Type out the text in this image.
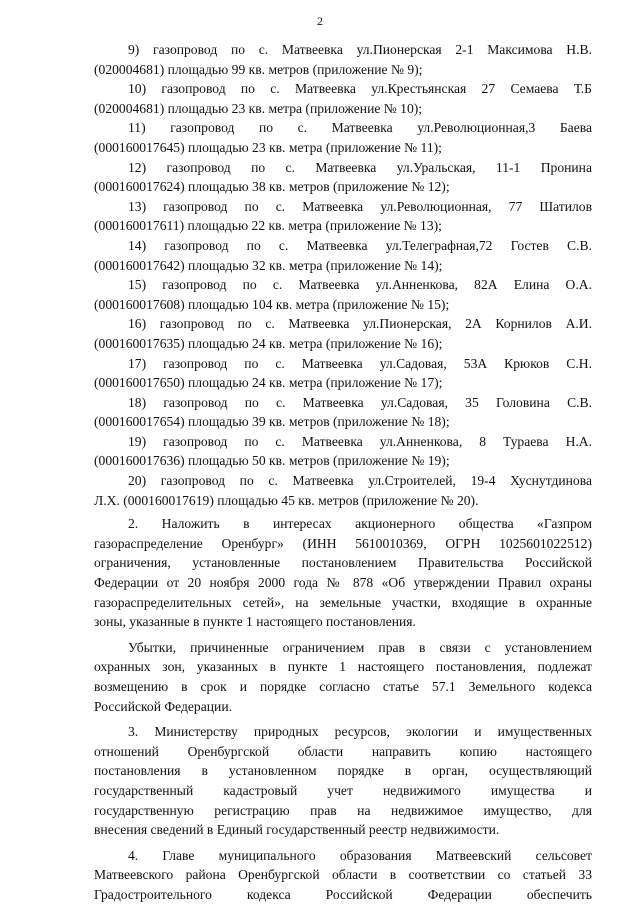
2
9) газопровод по с. Матвеевка ул.Пионерская 2-1 Максимова Н.В.
(020004681) площадью 99 кв. метров (приложение № 9);
10) газопровод по с. Матвеевка ул.Крестьянская 27 Семаева Т.Б
(020004681) площадью 23 кв. метра (приложение № 10);
11) газопровод по с. Матвеевка ул.Революционная,3 Баева
(000160017645) площадью 23 кв. метра (приложение № 11);
12) газопровод по с. Матвеевка ул.Уральская, 11-1 Пронина
(000160017624) площадью 38 кв. метров (приложение № 12);
13) газопровод по с. Матвеевка ул.Революционная, 77 Шатилов
(000160017611) площадью 22 кв. метра (приложение № 13);
14) газопровод по с. Матвеевка ул.Телеграфная,72 Гостев С.В.
(000160017642) площадью 32 кв. метра (приложение № 14);
15) газопровод по с. Матвеевка ул.Анненкова, 82А Елина О.А.
(000160017608) площадью 104 кв. метра (приложение № 15);
16) газопровод по с. Матвеевка ул.Пионерская, 2А Корнилов А.И.
(000160017635) площадью 24 кв. метра (приложение № 16);
17) газопровод по с. Матвеевка ул.Садовая, 53А Крюков С.Н.
(000160017650) площадью 24 кв. метра (приложение № 17);
18) газопровод по с. Матвеевка ул.Садовая, 35 Головина С.В.
(000160017654) площадью 39 кв. метров (приложение № 18);
19) газопровод по с. Матвеевка ул.Анненкова, 8 Тураева Н.А.
(000160017636) площадью 50 кв. метров (приложение № 19);
20) газопровод по с. Матвеевка ул.Строителей, 19-4 Хуснутдинова
Л.Х. (000160017619) площадью 45 кв. метров (приложение № 20).
2. Наложить в интересах акционерного общества «Газпром
газораспределение Оренбург» (ИНН 5610010369, ОГРН 1025601022512)
ограничения, установленные постановлением Правительства Российской
Федерации от 20 ноября 2000 года № 878 «Об утверждении Правил охраны
газораспределительных сетей», на земельные участки, входящие в охранные
зоны, указанные в пункте 1 настоящего постановления.
Убытки, причиненные ограничением прав в связи с установлением
охранных зон, указанных в пункте 1 настоящего постановления, подлежат
возмещению в срок и порядке согласно статье 57.1 Земельного кодекса
Российской Федерации.
3. Министерству природных ресурсов, экологии и имущественных
отношений Оренбургской области направить копию настоящего
постановления в установленном порядке в орган, осуществляющий
государственный кадастровый учет недвижимого имущества и
государственную регистрацию прав на недвижимое имущество, для
внесения сведений в Единый государственный реестр недвижимости.
4. Главе муниципального образования Матвеевский сельсовет
Матвеевского района Оренбургской области в соответствии со статьей 33
Градостроительного кодекса Российской Федерации обеспечить
